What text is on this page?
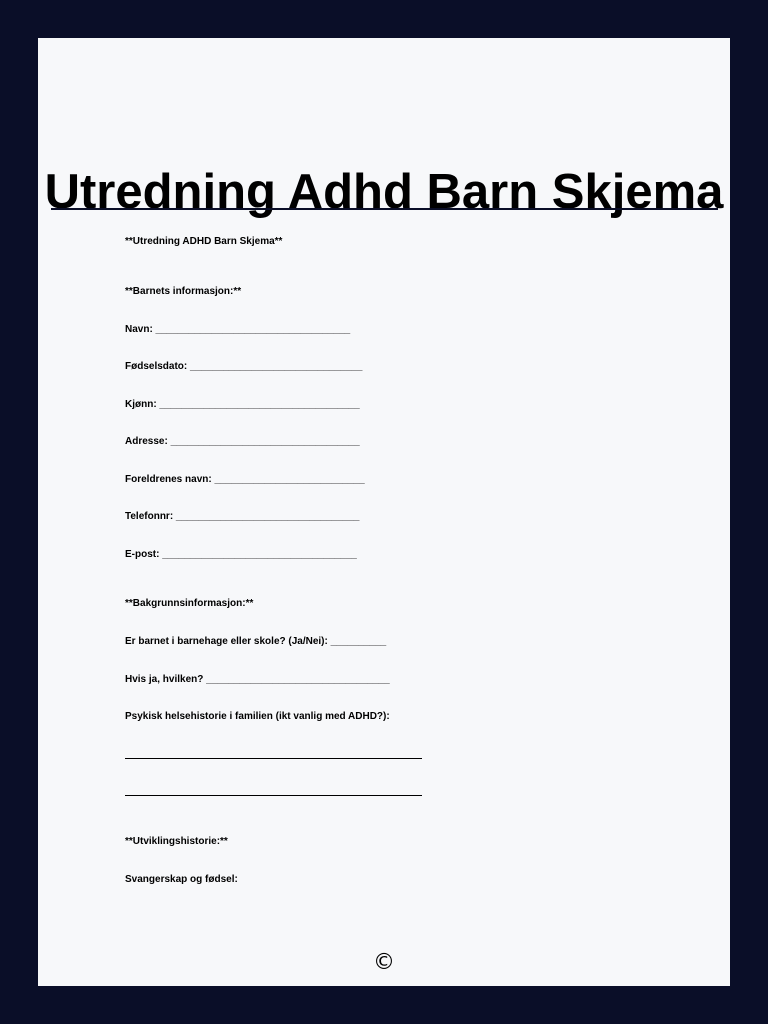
Utredning Adhd Barn Skjema

**Utredning ADHD Barn Skjema**

**Barnets informasjon:**

Navn: ___________________________________

Fødselsdato: _______________________________

Kjønn: ____________________________________

Adresse: __________________________________

Foreldrenes navn: ___________________________

Telefonnr: _________________________________

E-post: ___________________________________

**Bakgrunnsinformasjon:**

Er barnet i barnehage eller skole? (Ja/Nei): __________

Hvis ja, hvilken? _________________________________

Psykisk helsehistorie i familien (ikt vanlig med ADHD?):

**Utviklingshistorie:**

Svangerskap og fødsel:

©
